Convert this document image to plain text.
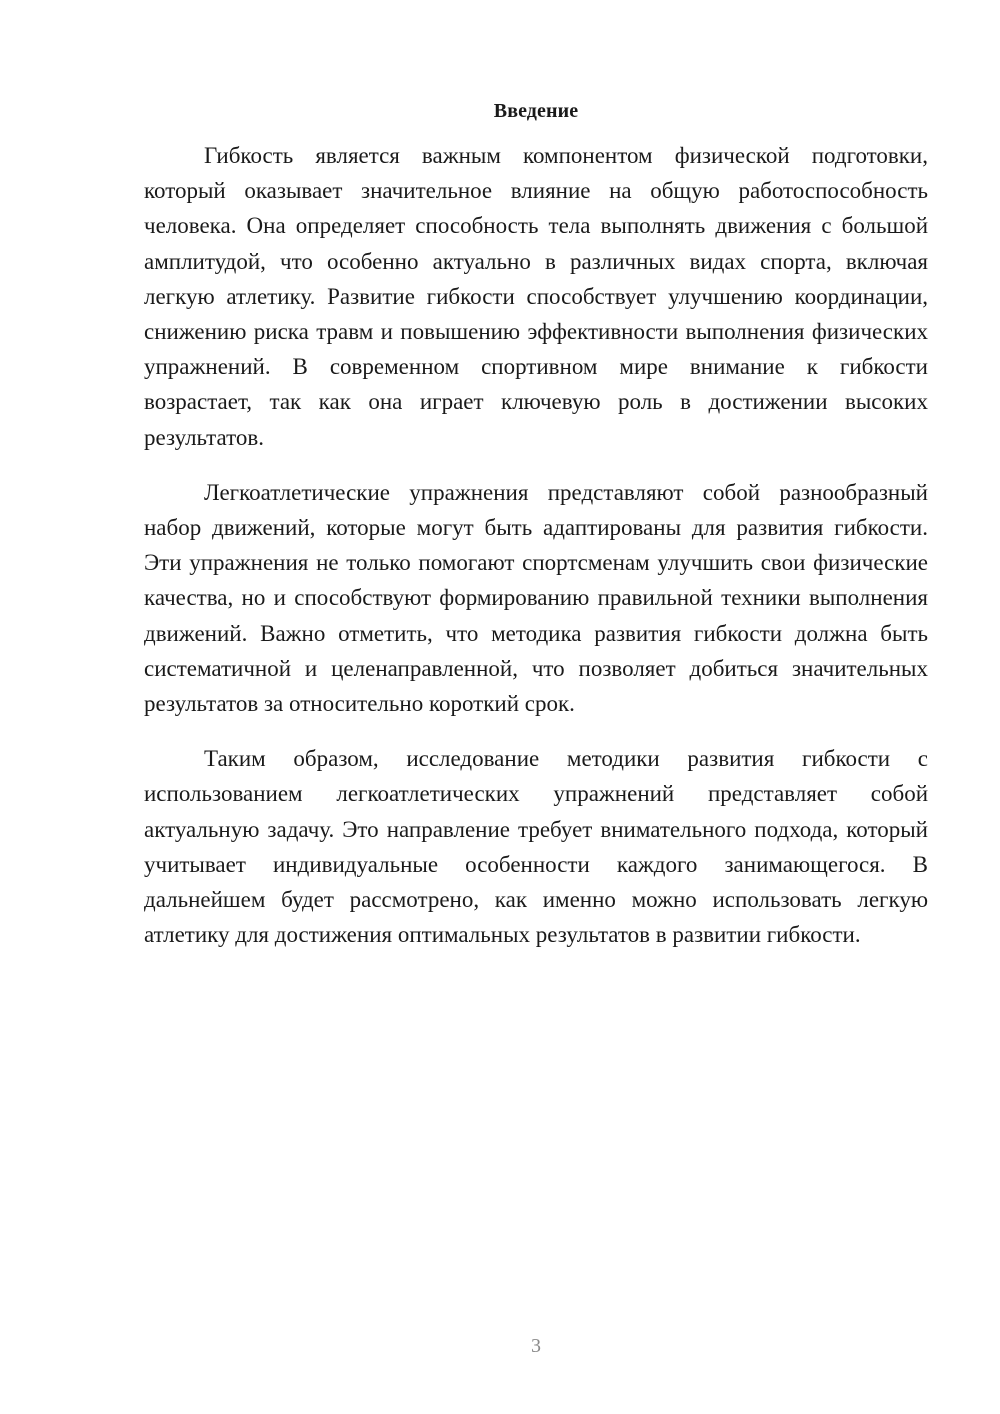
Введение

Гибкость является важным компонентом физической подготовки, который оказывает значительное влияние на общую работоспособность человека. Она определяет способность тела выполнять движения с большой амплитудой, что особенно актуально в различных видах спорта, включая легкую атлетику. Развитие гибкости способствует улучшению координации, снижению риска травм и повышению эффективности выполнения физических упражнений. В современном спортивном мире внимание к гибкости возрастает, так как она играет ключевую роль в достижении высоких результатов.

Легкоатлетические упражнения представляют собой разнообразный набор движений, которые могут быть адаптированы для развития гибкости. Эти упражнения не только помогают спортсменам улучшить свои физические качества, но и способствуют формированию правильной техники выполнения движений. Важно отметить, что методика развития гибкости должна быть систематичной и целенаправленной, что позволяет добиться значительных результатов за относительно короткий срок.

Таким образом, исследование методики развития гибкости с использованием легкоатлетических упражнений представляет собой актуальную задачу. Это направление требует внимательного подхода, который учитывает индивидуальные особенности каждого занимающегося. В дальнейшем будет рассмотрено, как именно можно использовать легкую атлетику для достижения оптимальных результатов в развитии гибкости.

3
